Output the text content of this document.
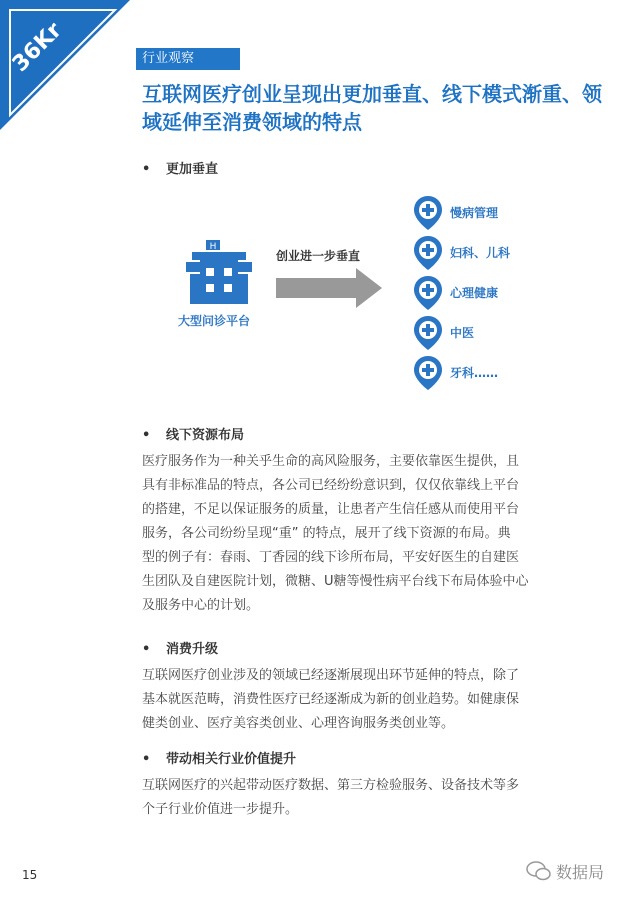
36Kr	行业观察
互联网医疗创业呈现出更加垂直、线下模式渐重、领域延伸至消费领域的特点
• 更加垂直
H
大型问诊平台
创业进一步垂直
慢病管理
妇科、儿科
心理健康
中医
牙科……
• 线下资源布局
医疗服务作为一种关乎生命的高风险服务，主要依靠医生提供，且
具有非标准品的特点，各公司已经纷纷意识到，仅仅依靠线上平台
的搭建，不足以保证服务的质量，让患者产生信任感从而使用平台
服务，各公司纷纷呈现“重” 的特点，展开了线下资源的布局。典
型的例子有：春雨、丁香园的线下诊所布局，平安好医生的自建医
生团队及自建医院计划，微糖、U糖等慢性病平台线下布局体验中心
及服务中心的计划。
• 消费升级
互联网医疗创业涉及的领域已经逐渐展现出环节延伸的特点，除了
基本就医范畴，消费性医疗已经逐渐成为新的创业趋势。如健康保
健类创业、医疗美容类创业、心理咨询服务类创业等。
• 带动相关行业价值提升
互联网医疗的兴起带动医疗数据、第三方检验服务、设备技术等多
个子行业价值进一步提升。
15	数据局
